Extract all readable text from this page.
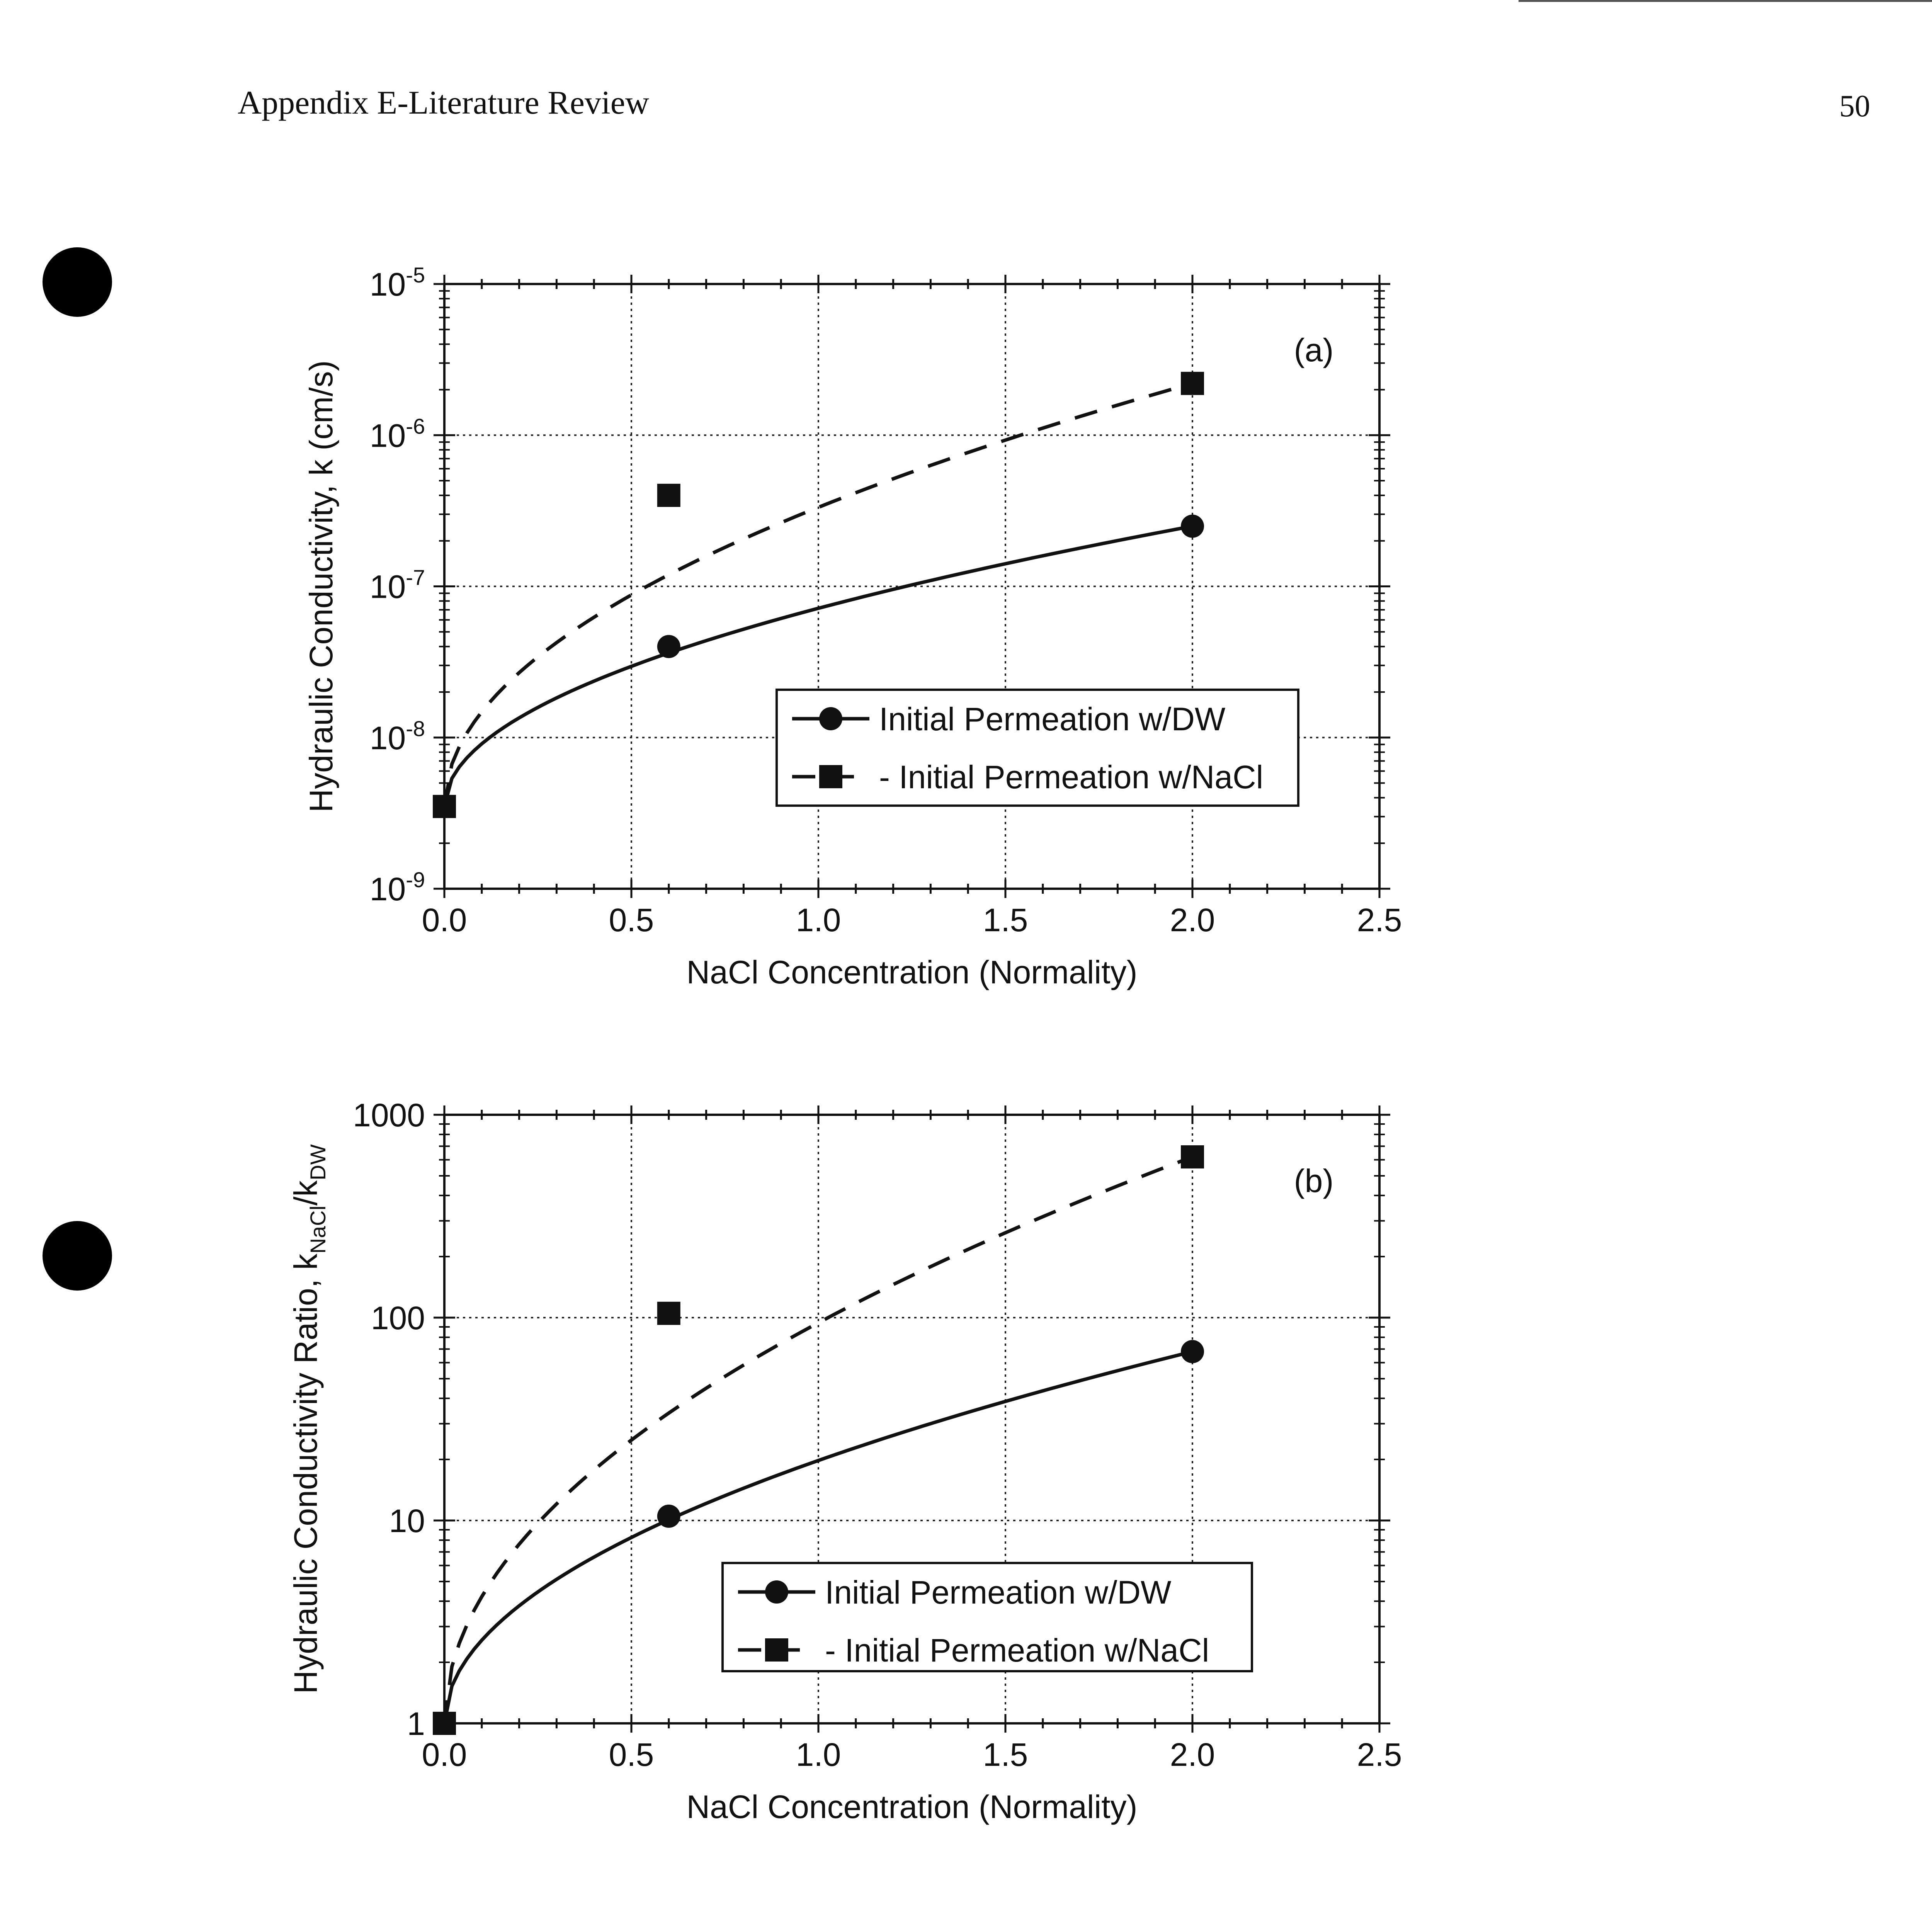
Appendix E-Literature Review	50
0.0	0.5	1.0	1.5	2.0	2.5
$10^{-9}$
$10^{-8}$
$10^{-7}$
$10^{-6}$
$10^{-5}$
NaCl Concentration (Normality)
Hydraulic Conductivity, k (cm/s)
(a)
Initial Permeation w/DW
- Initial Permeation w/NaCl
0.0	0.5	1.0	1.5	2.0	2.5
1
10
100
1000
NaCl Concentration (Normality)
Hydraulic Conductivity Ratio, $k_{NaCl}/k_{DW}$
(b)
Initial Permeation w/DW
- Initial Permeation w/NaCl
